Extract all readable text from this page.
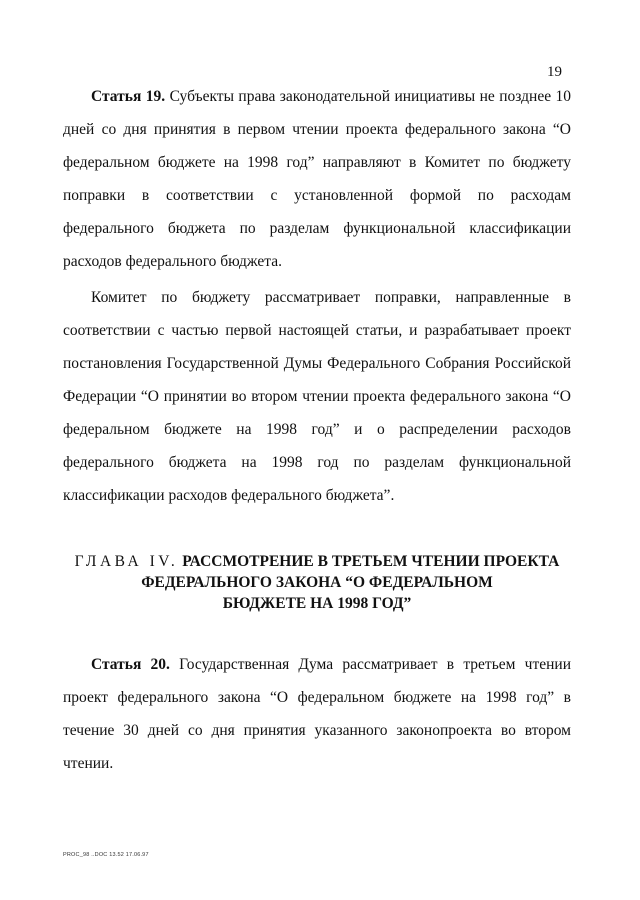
19

Статья 19. Субъекты права законодательной инициативы не позднее 10 дней со дня принятия в первом чтении проекта федерального закона “О федеральном бюджете на 1998 год” направляют в Комитет по бюджету поправки в соответствии с установленной формой по расходам федерального бюджета по разделам функциональной классификации расходов федерального бюджета.

Комитет по бюджету рассматривает поправки, направленные в соответствии с частью первой настоящей статьи, и разрабатывает проект постановления Государственной Думы Федерального Собрания Российской Федерации “О принятии во втором чтении проекта федерального закона “О федеральном бюджете на 1998 год” и о распределении расходов федерального бюджета на 1998 год по разделам функциональной классификации расходов федерального бюджета”.

ГЛАВА IV. РАССМОТРЕНИЕ В ТРЕТЬЕМ ЧТЕНИИ ПРОЕКТА
ФЕДЕРАЛЬНОГО ЗАКОНА “О ФЕДЕРАЛЬНОМ
БЮДЖЕТЕ НА 1998 ГОД”

Статья 20. Государственная Дума рассматривает в третьем чтении проект федерального закона “О федеральном бюджете на 1998 год” в течение 30 дней со дня принятия указанного законопроекта во втором чтении.

PROC_98 ..DOC 13.52 17.06.97
